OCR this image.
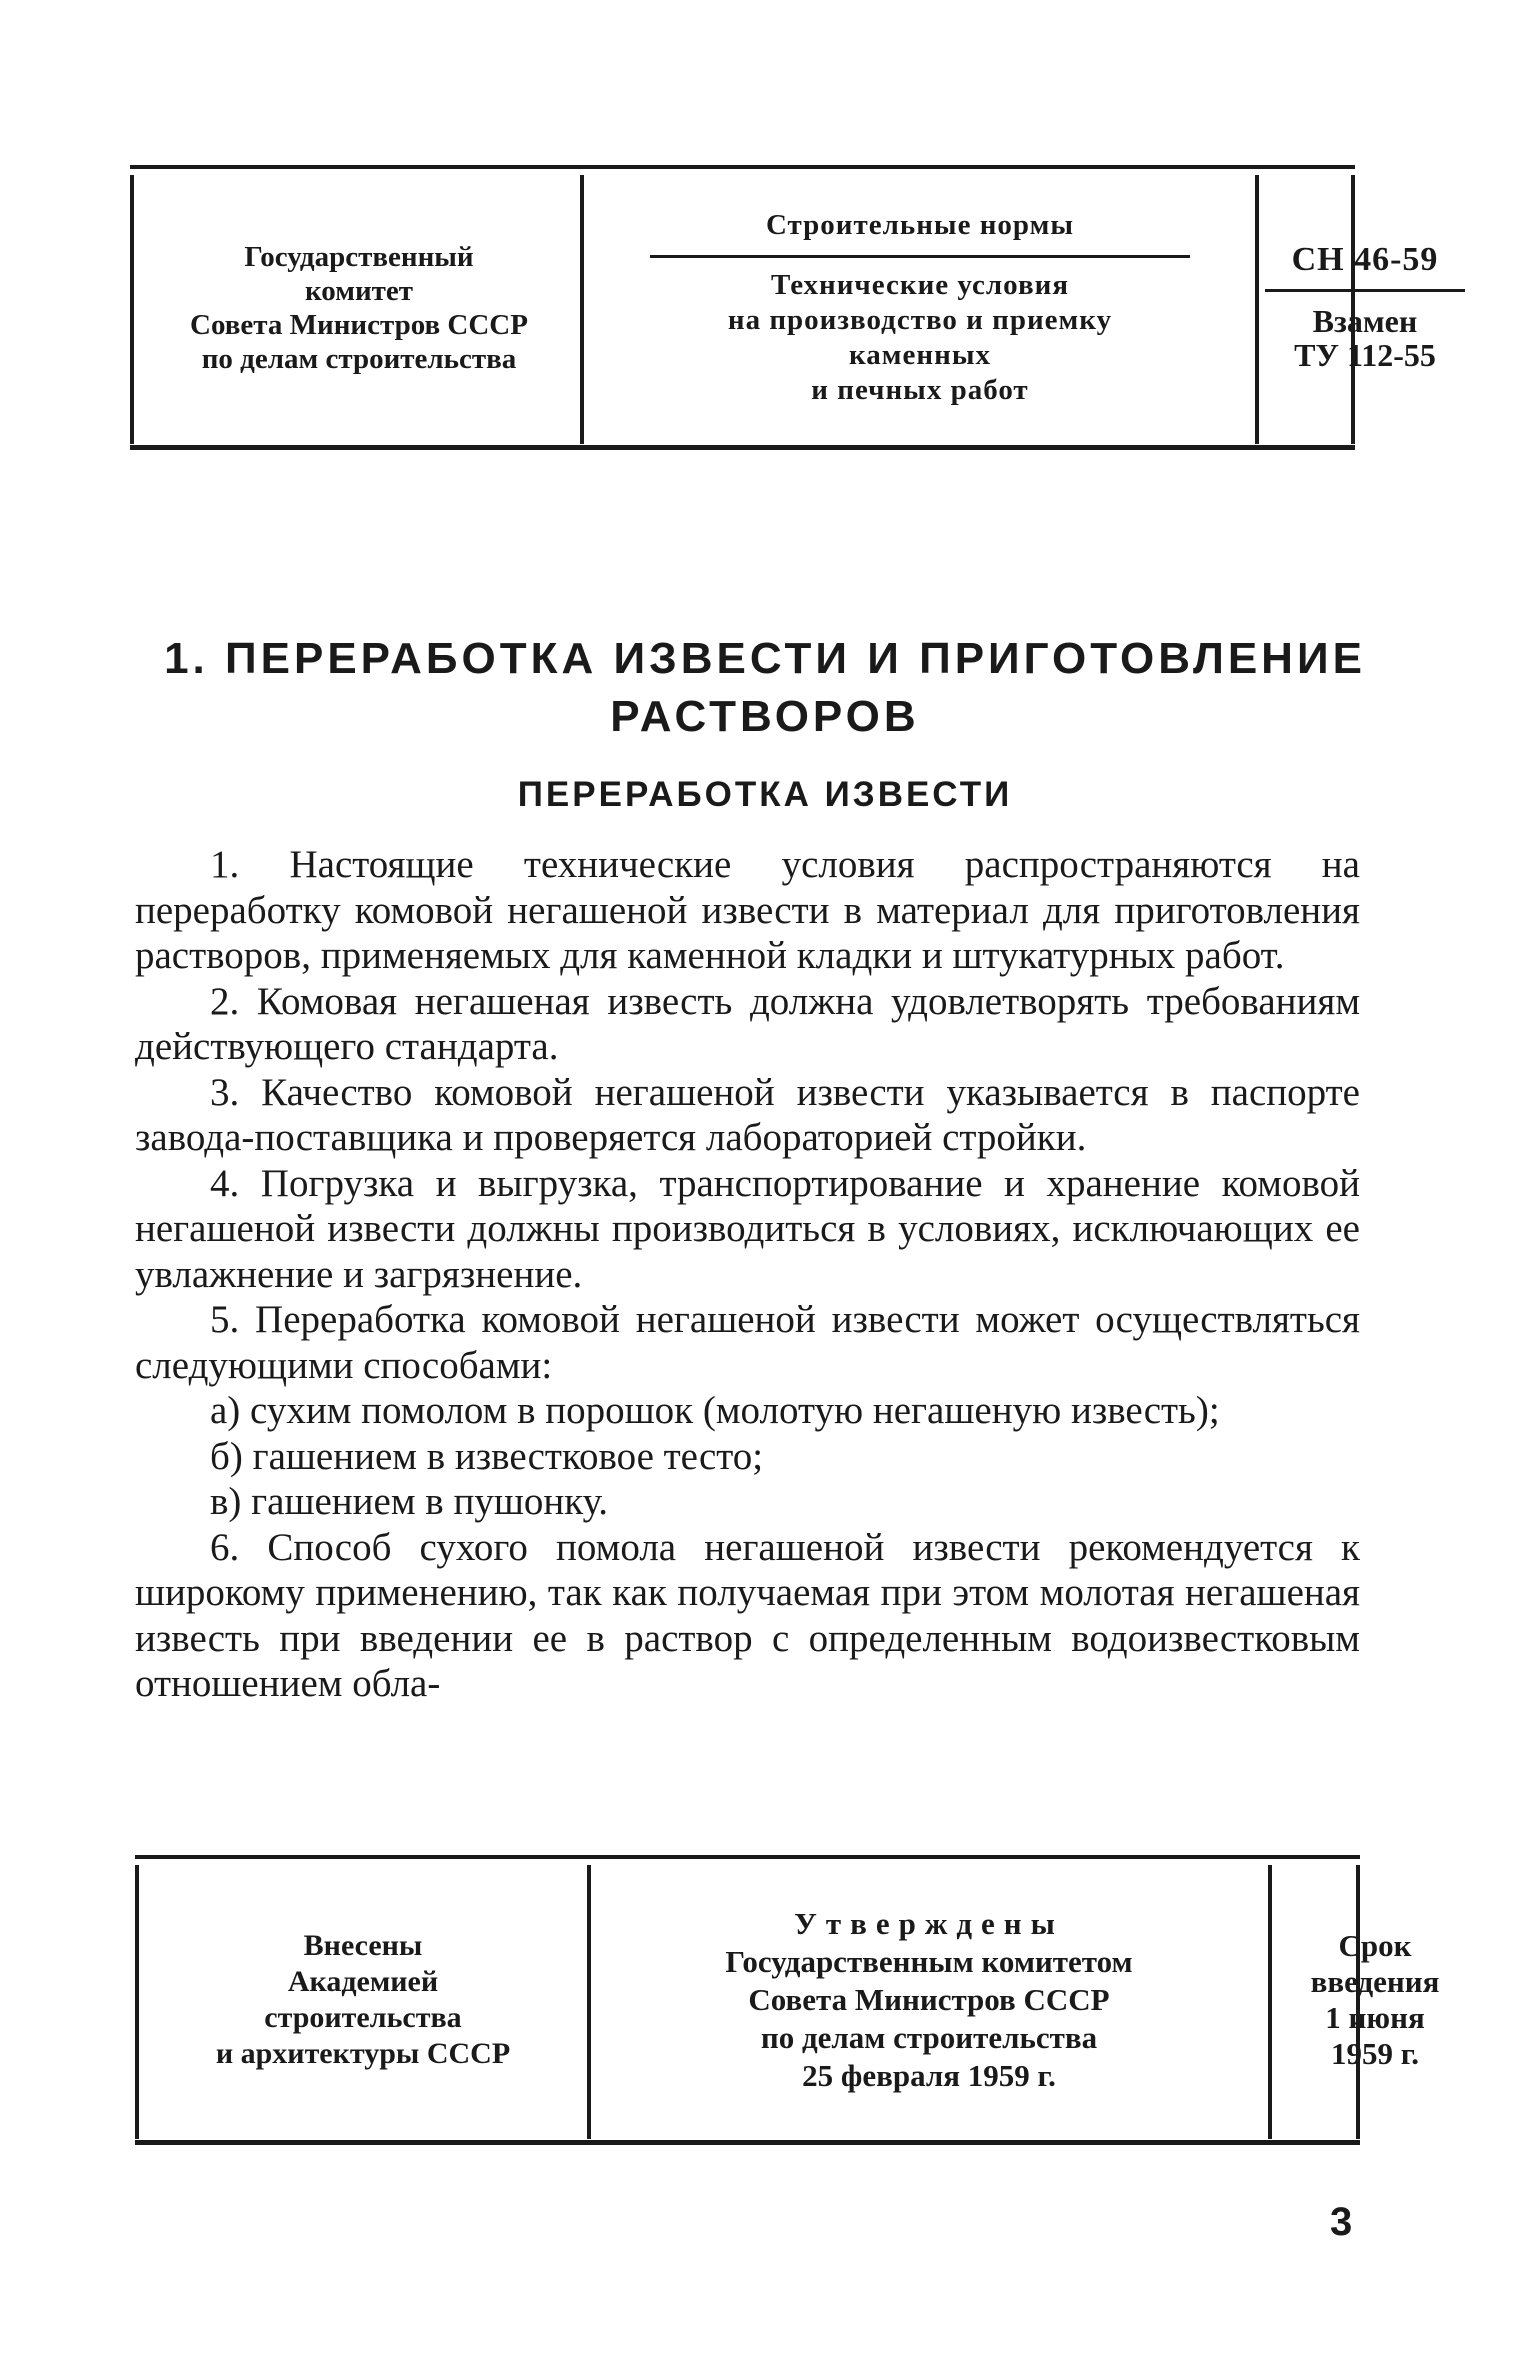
Государственный
комитет
Совета Министров СССР
по делам строительства
Строительные нормы
Технические условия
на производство и приемку
каменных
и печных работ
СН 46-59
Взамен
ТУ 112-55
1. ПЕРЕРАБОТКА ИЗВЕСТИ И ПРИГОТОВЛЕНИЕ
РАСТВОРОВ
ПЕРЕРАБОТКА ИЗВЕСТИ

1. Настоящие технические условия распространяются на переработку комовой негашеной извести в материал для приготовления растворов, применяемых для каменной кладки и штукатурных работ.

2. Комовая негашеная известь должна удовлетворять требованиям действующего стандарта.

3. Качество комовой негашеной извести указывается в паспорте завода-поставщика и проверяется лабораторией стройки.

4. Погрузка и выгрузка, транспортирование и хранение комовой негашеной извести должны производиться в условиях, исключающих ее увлажнение и загрязнение.

5. Переработка комовой негашеной извести может осуществляться следующими способами:

а) сухим помолом в порошок (молотую негашеную известь);

б) гашением в известковое тесто;

в) гашением в пушонку.

6. Способ сухого помола негашеной извести рекомендуется к широкому применению, так как получаемая при этом молотая негашеная известь при введении ее в раствор с определенным водоизвестковым отношением обла-

Внесены
Академией
строительства
и архитектуры СССР
Утверждены
Государственным комитетом
Совета Министров СССР
по делам строительства
25 февраля 1959 г.
Срок
введения
1 июня
1959 г.
3
